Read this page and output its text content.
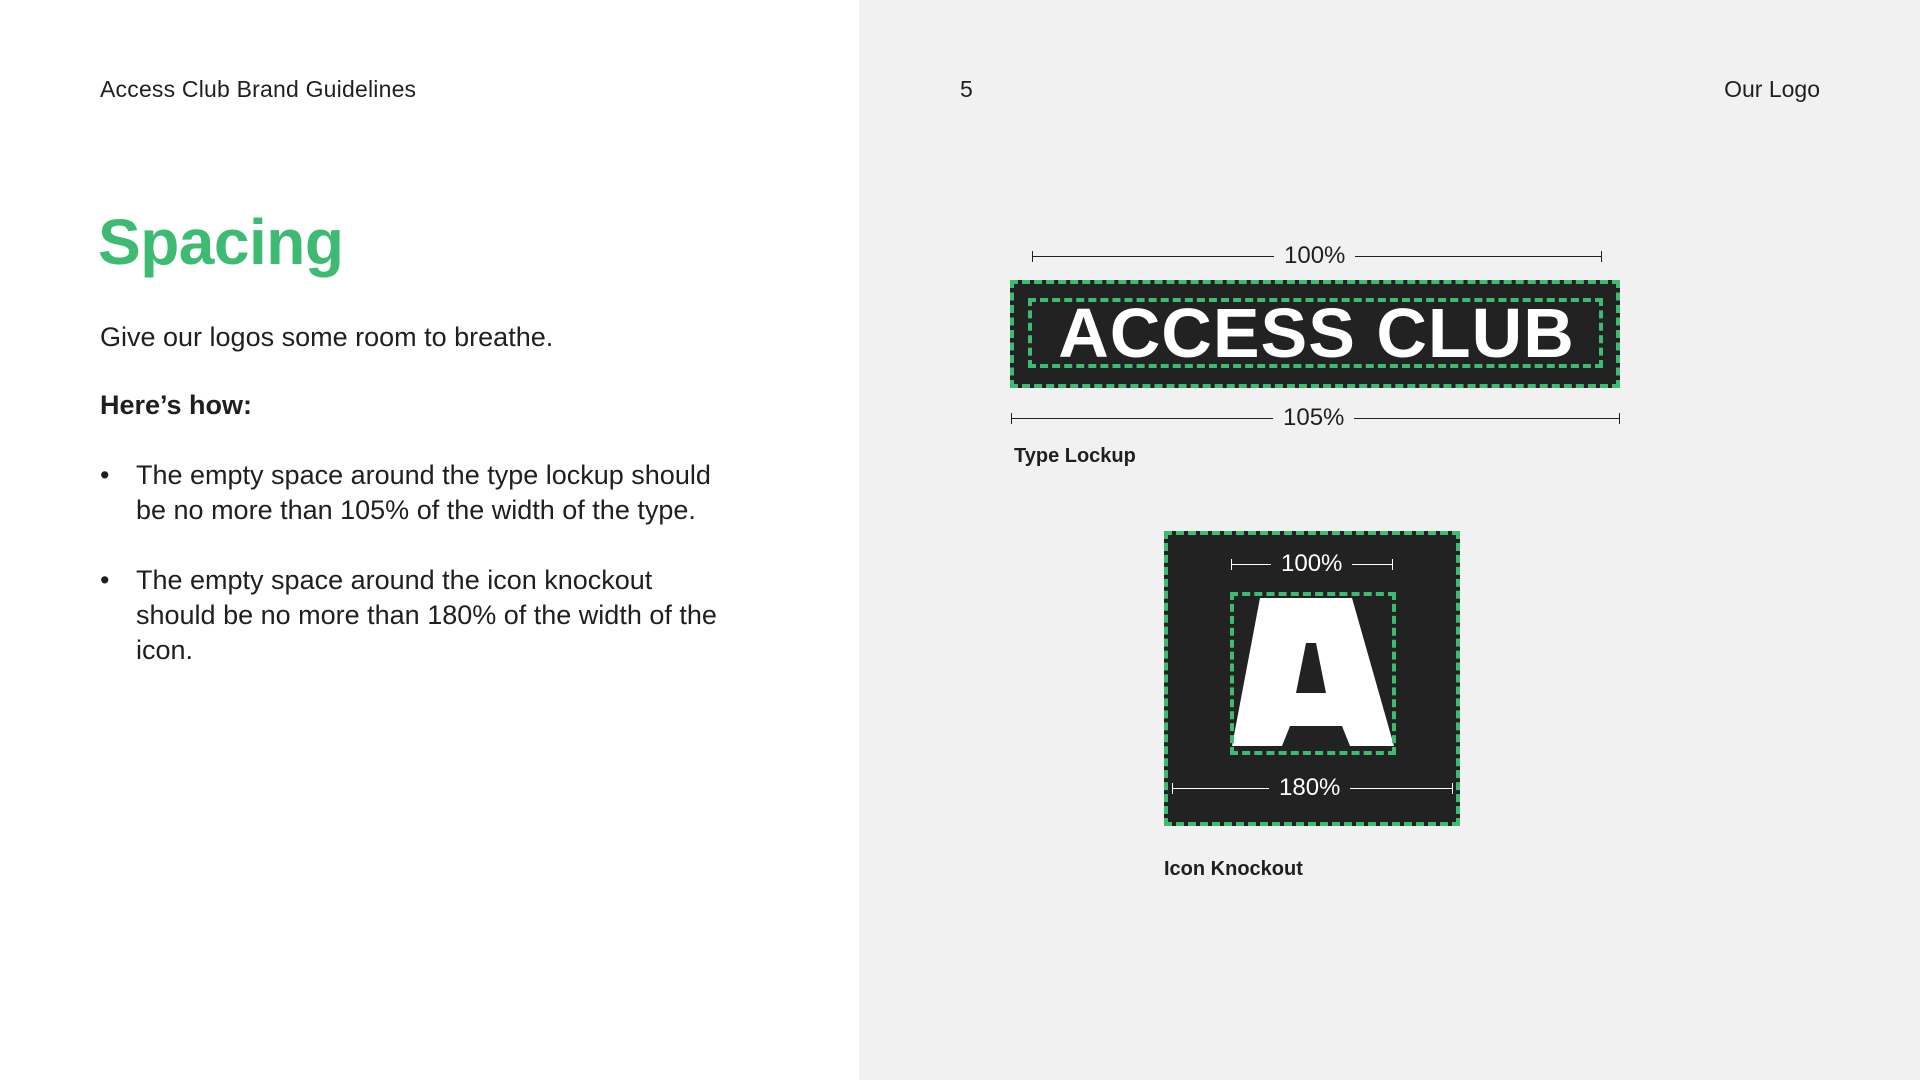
Access Club Brand Guidelines	5	Our Logo
Spacing
Give our logos some room to breathe.
Here’s how:
• The empty space around the type lockup should be no more than 105% of the width of the type.
• The empty space around the icon knockout should be no more than 180% of the width of the icon.
100%
ACCESS CLUB
105%
Type Lockup
100%
180%
Icon Knockout
